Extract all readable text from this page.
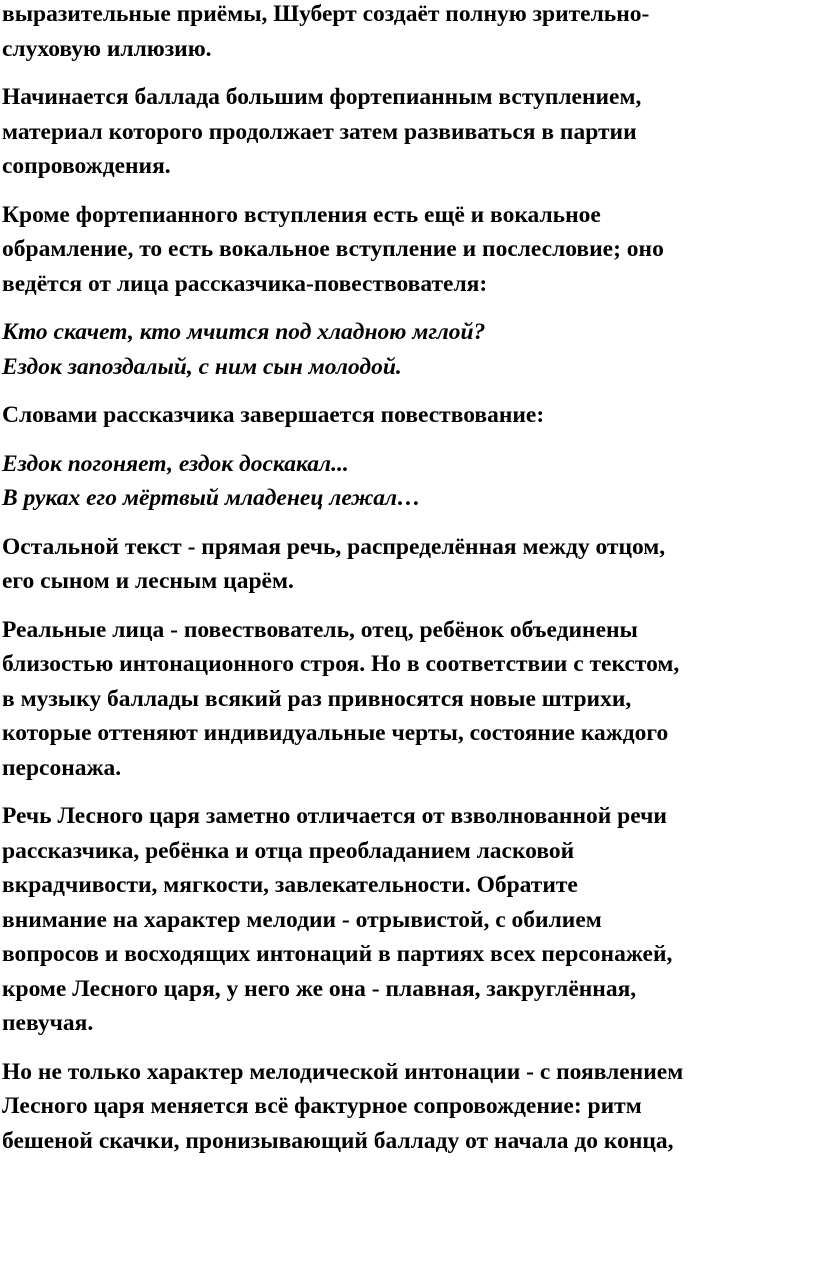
выразительные приёмы, Шуберт создаёт полную зрительно-
слуховую иллюзию.
Начинается баллада большим фортепианным вступлением,
материал которого продолжает затем развиваться в партии
сопровождения.
Кроме фортепианного вступления есть ещё и вокальное
обрамление, то есть вокальное вступление и послесловие; оно
ведётся от лица рассказчика-повествователя:
Кто скачет, кто мчится под хладною мглой?
Ездок запоздалый, с ним сын молодой.
Словами рассказчика завершается повествование:
Ездок погоняет, ездок доскакал...
В руках его мёртвый младенец лежал…
Остальной текст - прямая речь, распределённая между отцом,
его сыном и лесным царём.
Реальные лица - повествователь, отец, ребёнок объединены
близостью интонационного строя. Но в соответствии с текстом,
в музыку баллады всякий раз привносятся новые штрихи,
которые оттеняют индивидуальные черты, состояние каждого
персонажа.
Речь Лесного царя заметно отличается от взволнованной речи
рассказчика, ребёнка и отца преобладанием ласковой
вкрадчивости, мягкости, завлекательности. Обратите
внимание на характер мелодии - отрывистой, с обилием
вопросов и восходящих интонаций в партиях всех персонажей,
кроме Лесного царя, у него же она - плавная, закруглённая,
певучая.
Но не только характер мелодической интонации - с появлением
Лесного царя меняется всё фактурное сопровождение: ритм
бешеной скачки, пронизывающий балладу от начала до конца,
